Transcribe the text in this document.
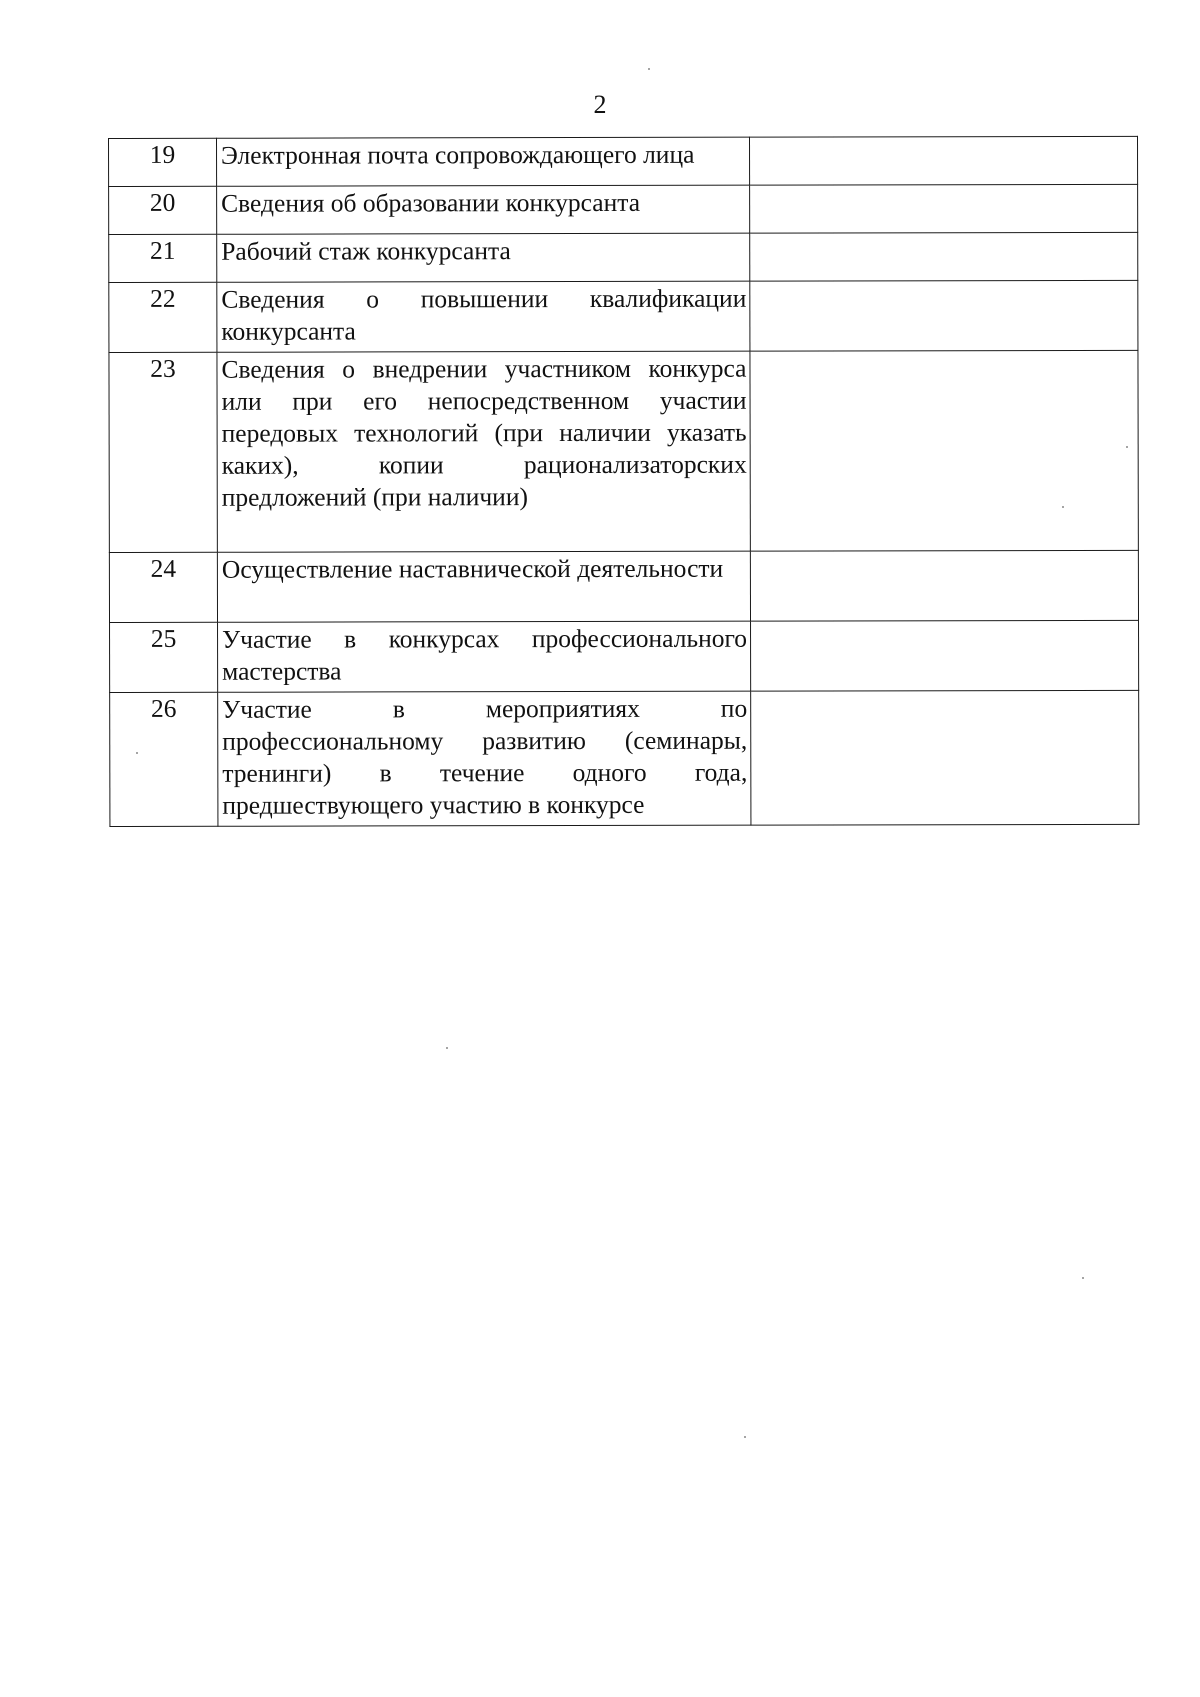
2
19	Электронная почта сопровождающего лица	
20	Сведения об образовании конкурсанта	
21	Рабочий стаж конкурсанта	
22	Сведения о повышении квалификации конкурсанта	
23	Сведения о внедрении участником конкурса или при его непосредственном участии передовых технологий (при наличии указать каких), копии рационализаторских предложений (при наличии)	
24	Осуществление наставнической деятельности	
25	Участие в конкурсах профессионального мастерства	
26	Участие в мероприятиях по профессиональному развитию (семинары, тренинги) в течение одного года, предшествующего участию в конкурсе	
